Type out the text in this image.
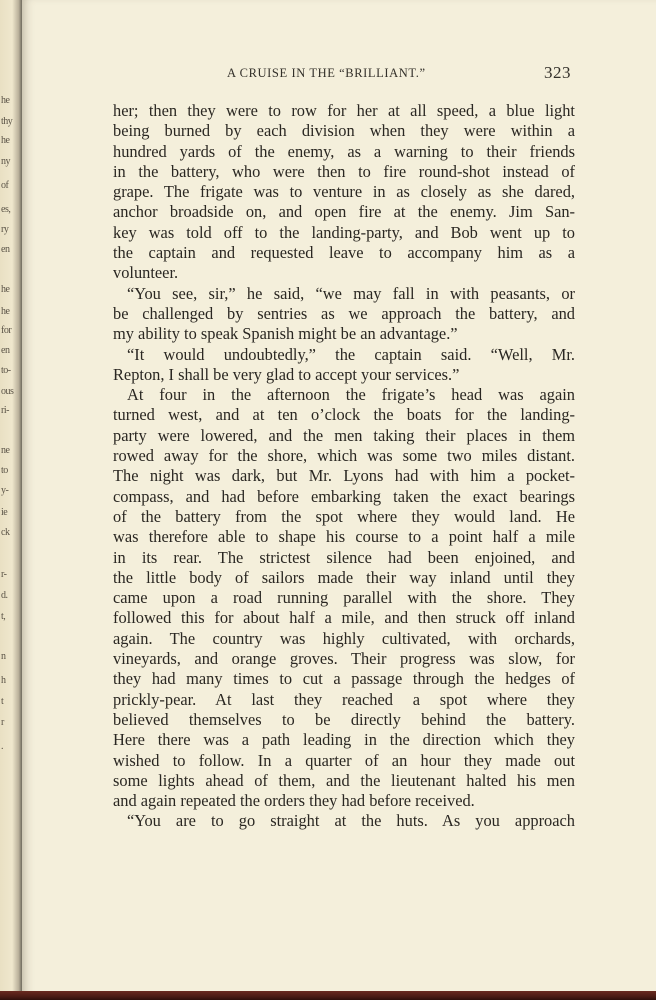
he
thy
he
ny
of
es,
ry
en
he
he
for
en
to-
ous
ri-
ne
to
y-
ie
ck
r-
d.
t,
n
h
t
r
.
A CRUISE IN THE “BRILLIANT.”	323
her; then they were to row for her at all speed, a blue light
being burned by each division when they were within a
hundred yards of the enemy, as a warning to their friends
in the battery, who were then to fire round-shot instead of
grape. The frigate was to venture in as closely as she dared,
anchor broadside on, and open fire at the enemy. Jim San-
key was told off to the landing-party, and Bob went up to
the captain and requested leave to accompany him as a
volunteer.
“You see, sir,” he said, “we may fall in with peasants, or
be challenged by sentries as we approach the battery, and
my ability to speak Spanish might be an advantage.”
“It would undoubtedly,” the captain said. “Well, Mr.
Repton, I shall be very glad to accept your services.”
At four in the afternoon the frigate’s head was again
turned west, and at ten o’clock the boats for the landing-
party were lowered, and the men taking their places in them
rowed away for the shore, which was some two miles distant.
The night was dark, but Mr. Lyons had with him a pocket-
compass, and had before embarking taken the exact bearings
of the battery from the spot where they would land. He
was therefore able to shape his course to a point half a mile
in its rear. The strictest silence had been enjoined, and
the little body of sailors made their way inland until they
came upon a road running parallel with the shore. They
followed this for about half a mile, and then struck off inland
again. The country was highly cultivated, with orchards,
vineyards, and orange groves. Their progress was slow, for
they had many times to cut a passage through the hedges of
prickly-pear. At last they reached a spot where they
believed themselves to be directly behind the battery.
Here there was a path leading in the direction which they
wished to follow. In a quarter of an hour they made out
some lights ahead of them, and the lieutenant halted his men
and again repeated the orders they had before received.
“You are to go straight at the huts. As you approach
